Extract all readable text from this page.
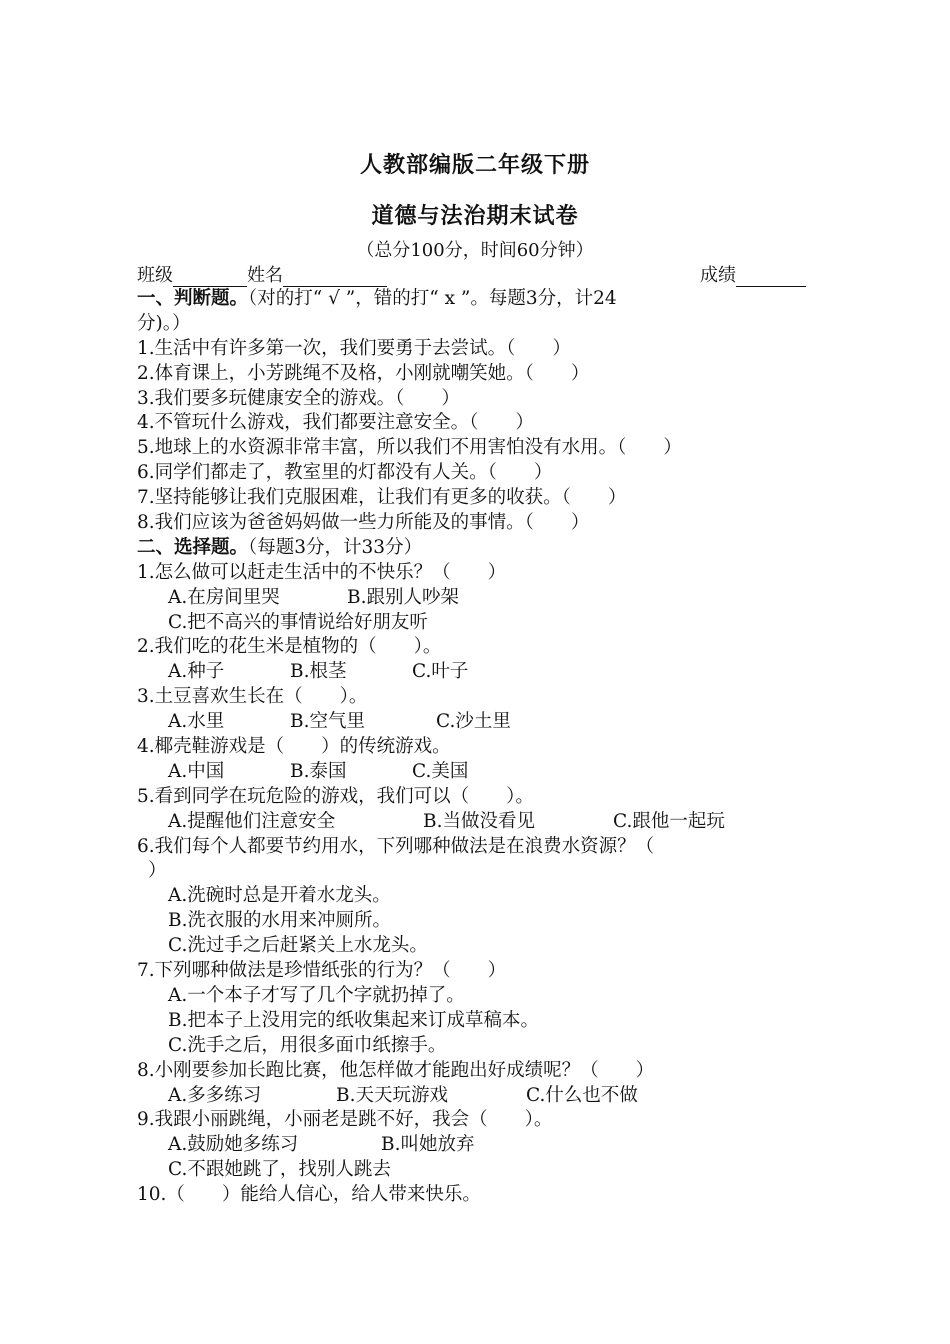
人教部编版二年级下册
道德与法治期末试卷
（总分100分，时间60分钟）
班级	姓名	成绩
一、判断题。（对的打“ √ ”，错的打“ x ”。每题3分，计24
分)。）
1.生活中有许多第一次，我们要勇于去尝试。（　　）
2.体育课上，小芳跳绳不及格，小刚就嘲笑她。（　　）
3.我们要多玩健康安全的游戏。（　　）
4.不管玩什么游戏，我们都要注意安全。（　　）
5.地球上的水资源非常丰富，所以我们不用害怕没有水用。（　　）
6.同学们都走了，教室里的灯都没有人关。（　　）
7.坚持能够让我们克服困难，让我们有更多的收获。（　　）
8.我们应该为爸爸妈妈做一些力所能及的事情。（　　）
二、选择题。（每题3分，计33分）
1.怎么做可以赶走生活中的不快乐？（　　）
A.在房间里哭	B.跟别人吵架
C.把不高兴的事情说给好朋友听
2.我们吃的花生米是植物的（　　）。
A.种子	B.根茎	C.叶子
3.土豆喜欢生长在（　　）。
A.水里	B.空气里	C.沙土里
4.椰壳鞋游戏是（　　）的传统游戏。
A.中国	B.泰国	C.美国
5.看到同学在玩危险的游戏，我们可以（　　）。
A.提醒他们注意安全	B.当做没看见	C.跟他一起玩
6.我们每个人都要节约用水，下列哪种做法是在浪费水资源？（
）
A.洗碗时总是开着水龙头。
B.洗衣服的水用来冲厕所。
C.洗过手之后赶紧关上水龙头。
7.下列哪种做法是珍惜纸张的行为？（　　）
A.一个本子才写了几个字就扔掉了。
B.把本子上没用完的纸收集起来订成草稿本。
C.洗手之后，用很多面巾纸擦手。
8.小刚要参加长跑比赛，他怎样做才能跑出好成绩呢？（　　）
A.多多练习	B.天天玩游戏	C.什么也不做
9.我跟小丽跳绳，小丽老是跳不好，我会（　　）。
A.鼓励她多练习	B.叫她放弃
C.不跟她跳了，找别人跳去
10.（　　）能给人信心，给人带来快乐。
